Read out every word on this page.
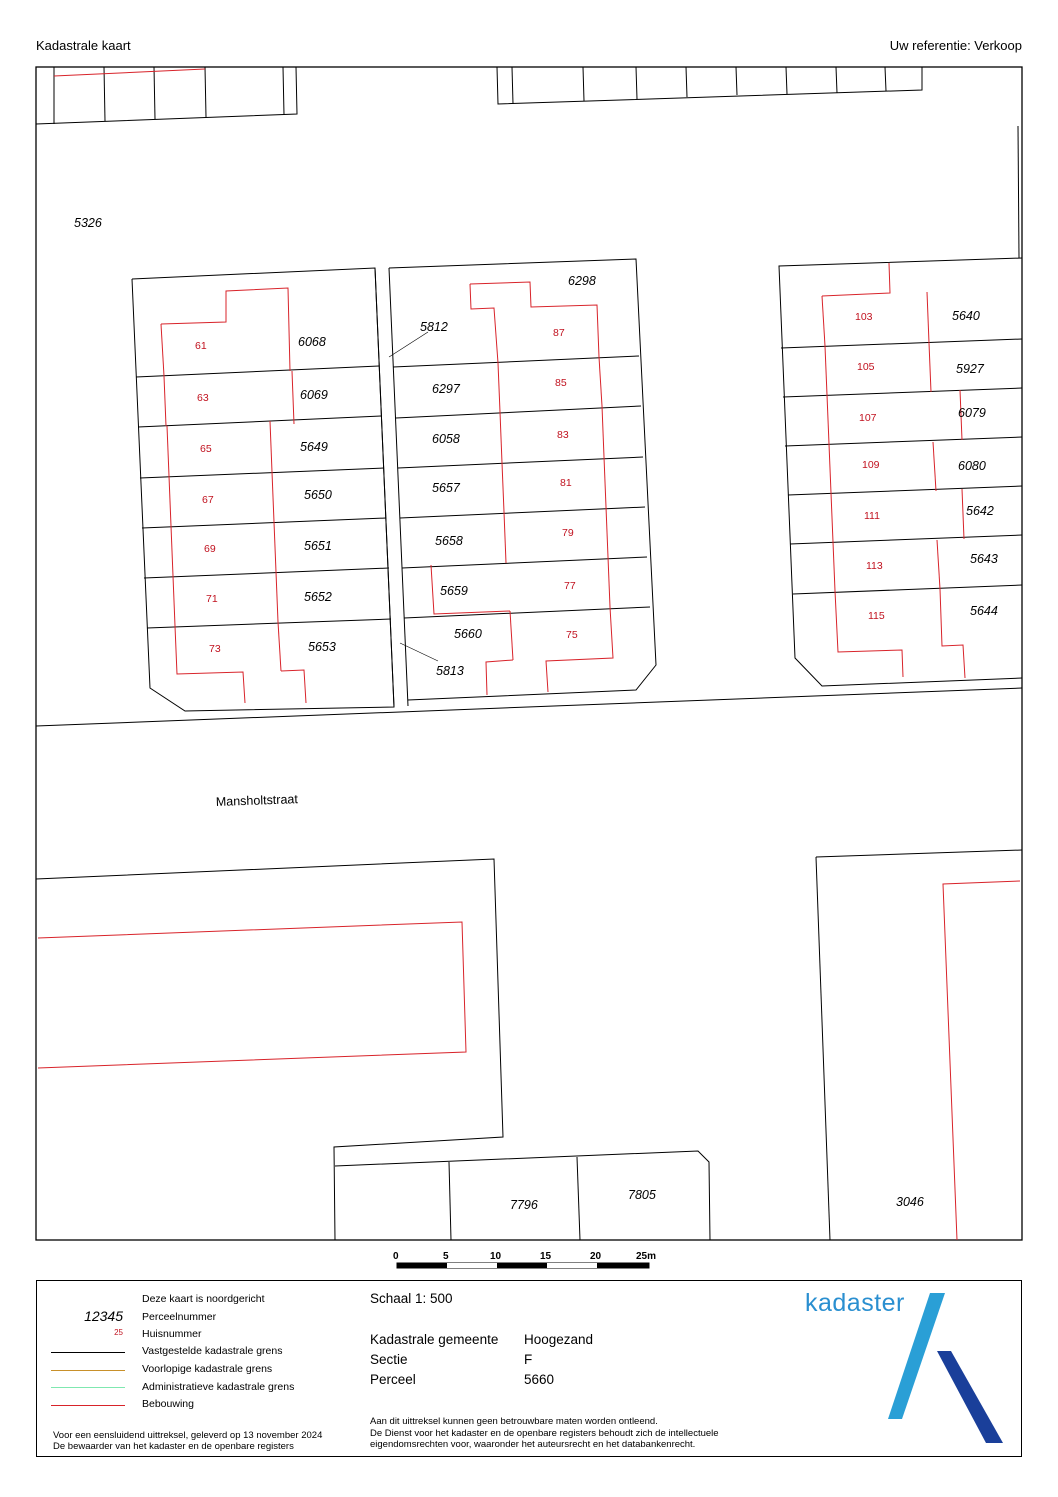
Kadastrale kaart	Uw referentie: Verkoop
5326
6068
6069
5649
5650
5651
5652
5653
5812
6298
6297
6058
5657
5658
5659
5660
5813
5640
5927
6079
6080
5642
5643
5644
7796
7805	3046
61
63
65
67
69
71
73
87
85
83
81
79
77
75
103
105
107
109
111
113
115
Mansholtstraat
0	5	10	15	20	25m
Deze kaart is noordgericht
12345 Perceelnummer
25 Huisnummer
Vastgestelde kadastrale grens
Voorlopige kadastrale grens
Administratieve kadastrale grens
Bebouwing
Voor een eensluidend uittreksel, geleverd op 13 november 2024
De bewaarder van het kadaster en de openbare registers
Schaal 1: 500
Kadastrale gemeente Hoogezand
Sectie	F
Perceel	5660
Aan dit uittreksel kunnen geen betrouwbare maten worden ontleend.
De Dienst voor het kadaster en de openbare registers behoudt zich de intellectuele
eigendomsrechten voor, waaronder het auteursrecht en het databankenrecht.
kadaster
